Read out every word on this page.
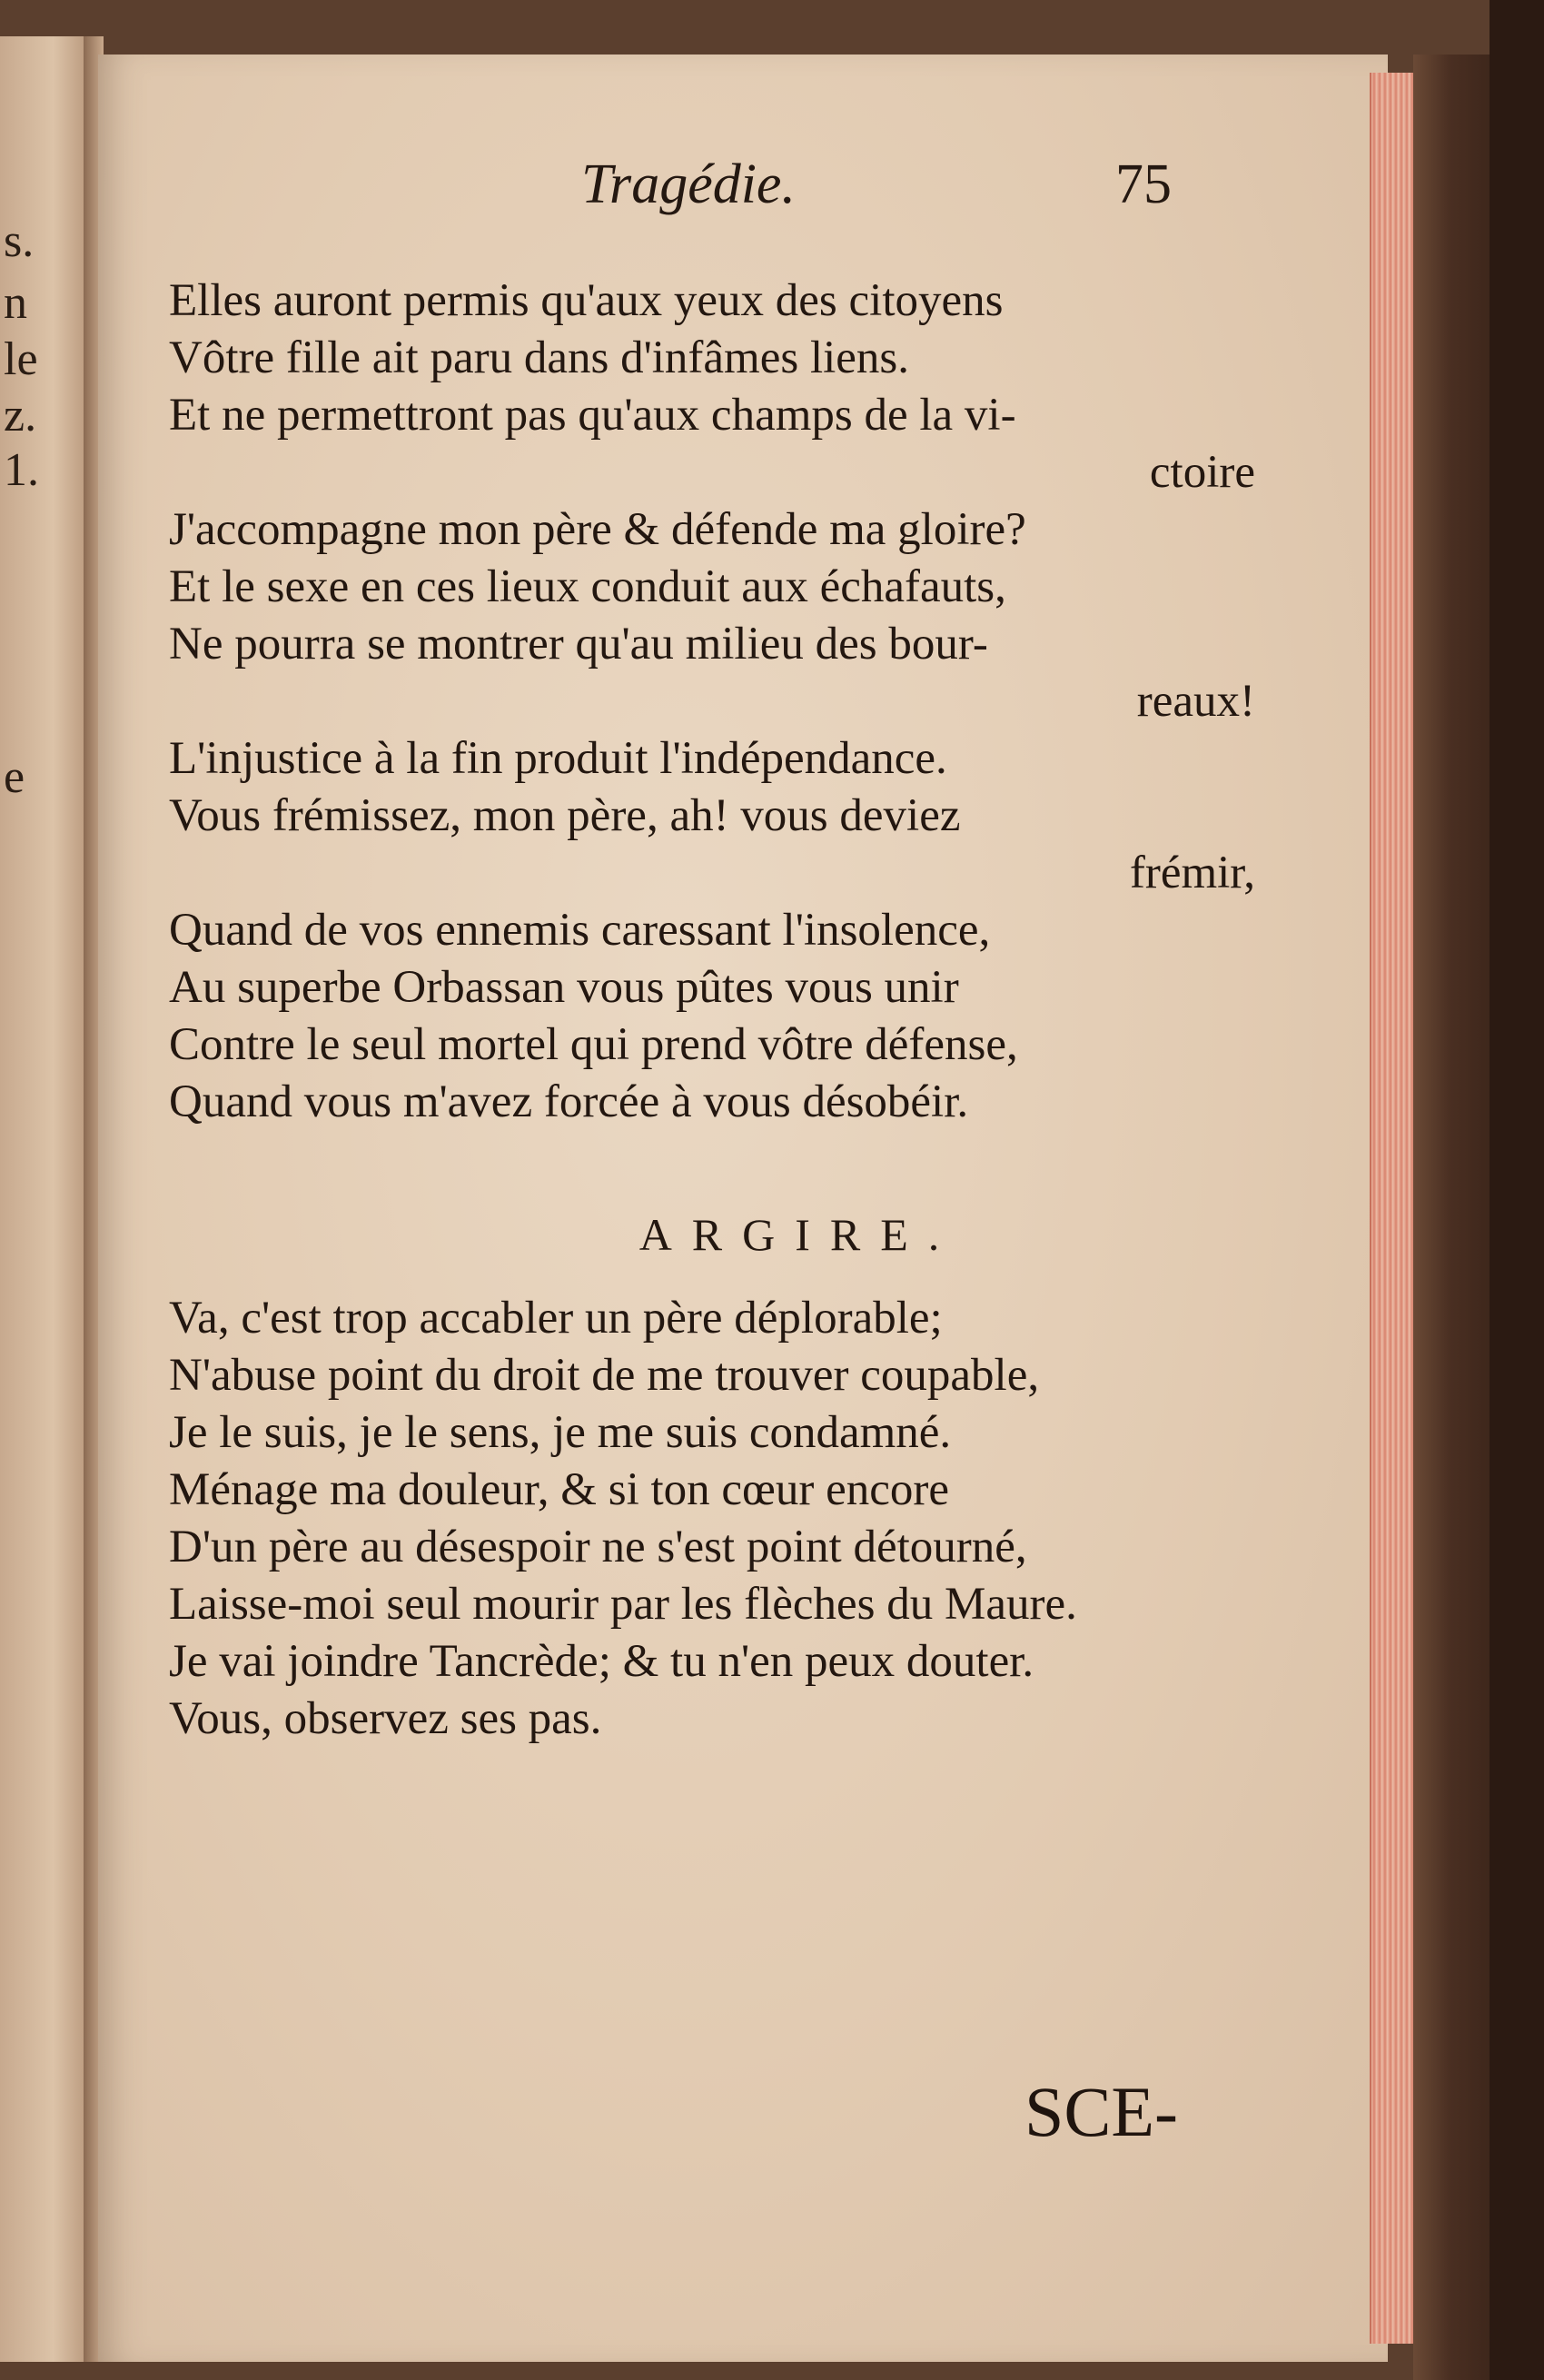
s.
n
le
z.
1.
e
Tragédie.	75
Elles auront permis qu'aux yeux des citoyens
Vôtre fille ait paru dans d'infâmes liens.
Et ne permettront pas qu'aux champs de la vi-
ctoire
J'accompagne mon père & défende ma gloire?
Et le sexe en ces lieux conduit aux échafauts,
Ne pourra se montrer qu'au milieu des bour-
reaux!
L'injustice à la fin produit l'indépendance.
Vous frémissez, mon père, ah! vous deviez
frémir,
Quand de vos ennemis caressant l'insolence,
Au superbe Orbassan vous pûtes vous unir
Contre le seul mortel qui prend vôtre défense,
Quand vous m'avez forcée à vous désobéir.
ARGIRE.
Va, c'est trop accabler un père déplorable;
N'abuse point du droit de me trouver coupable,
Je le suis, je le sens, je me suis condamné.
Ménage ma douleur, & si ton cœur encore
D'un père au désespoir ne s'est point détourné,
Laisse-moi seul mourir par les flèches du Maure.
Je vai joindre Tancrède; & tu n'en peux douter.
Vous, observez ses pas.
SCE-
